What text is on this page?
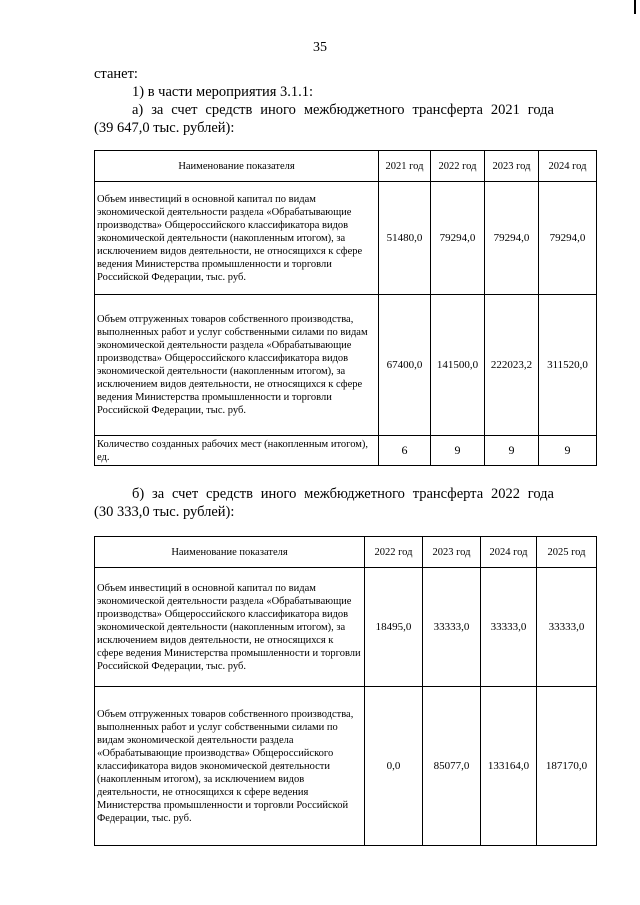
35
станет:
1) в части мероприятия 3.1.1:
а) за счет средств иного межбюджетного трансферта 2021 года
(39 647,0 тыс. рублей):
Наименование показателя	2021 год	2022 год	2023 год	2024 год
Объем инвестиций в основной капитал по видам экономической деятельности раздела «Обрабатывающие производства» Общероссийского классификатора видов экономической деятельности (накопленным итогом), за исключением видов деятельности, не относящихся к сфере ведения Министерства промышленности и торговли Российской Федерации, тыс. руб.	51480,0	79294,0	79294,0	79294,0
Объем отгруженных товаров собственного производства, выполненных работ и услуг собственными силами по видам экономической деятельности раздела «Обрабатывающие производства» Общероссийского классификатора видов экономической деятельности (накопленным итогом), за исключением видов деятельности, не относящихся к сфере ведения Министерства промышленности и торговли Российской Федерации, тыс. руб.	67400,0	141500,0	222023,2	311520,0
Количество созданных рабочих мест (накопленным итогом), ед.	6	9	9	9
б) за счет средств иного межбюджетного трансферта 2022 года
(30 333,0 тыс. рублей):
Наименование показателя	2022 год	2023 год	2024 год	2025 год
Объем инвестиций в основной капитал по видам экономической деятельности раздела «Обрабатывающие производства» Общероссийского классификатора видов экономической деятельности (накопленным итогом), за исключением видов деятельности, не относящихся к сфере ведения Министерства промышленности и торговли Российской Федерации, тыс. руб.	18495,0	33333,0	33333,0	33333,0
Объем отгруженных товаров собственного производства, выполненных работ и услуг собственными силами по видам экономической деятельности раздела «Обрабатывающие производства» Общероссийского классификатора видов экономической деятельности (накопленным итогом), за исключением видов деятельности, не относящихся к сфере ведения Министерства промышленности и торговли Российской Федерации, тыс. руб.	0,0	85077,0	133164,0	187170,0
